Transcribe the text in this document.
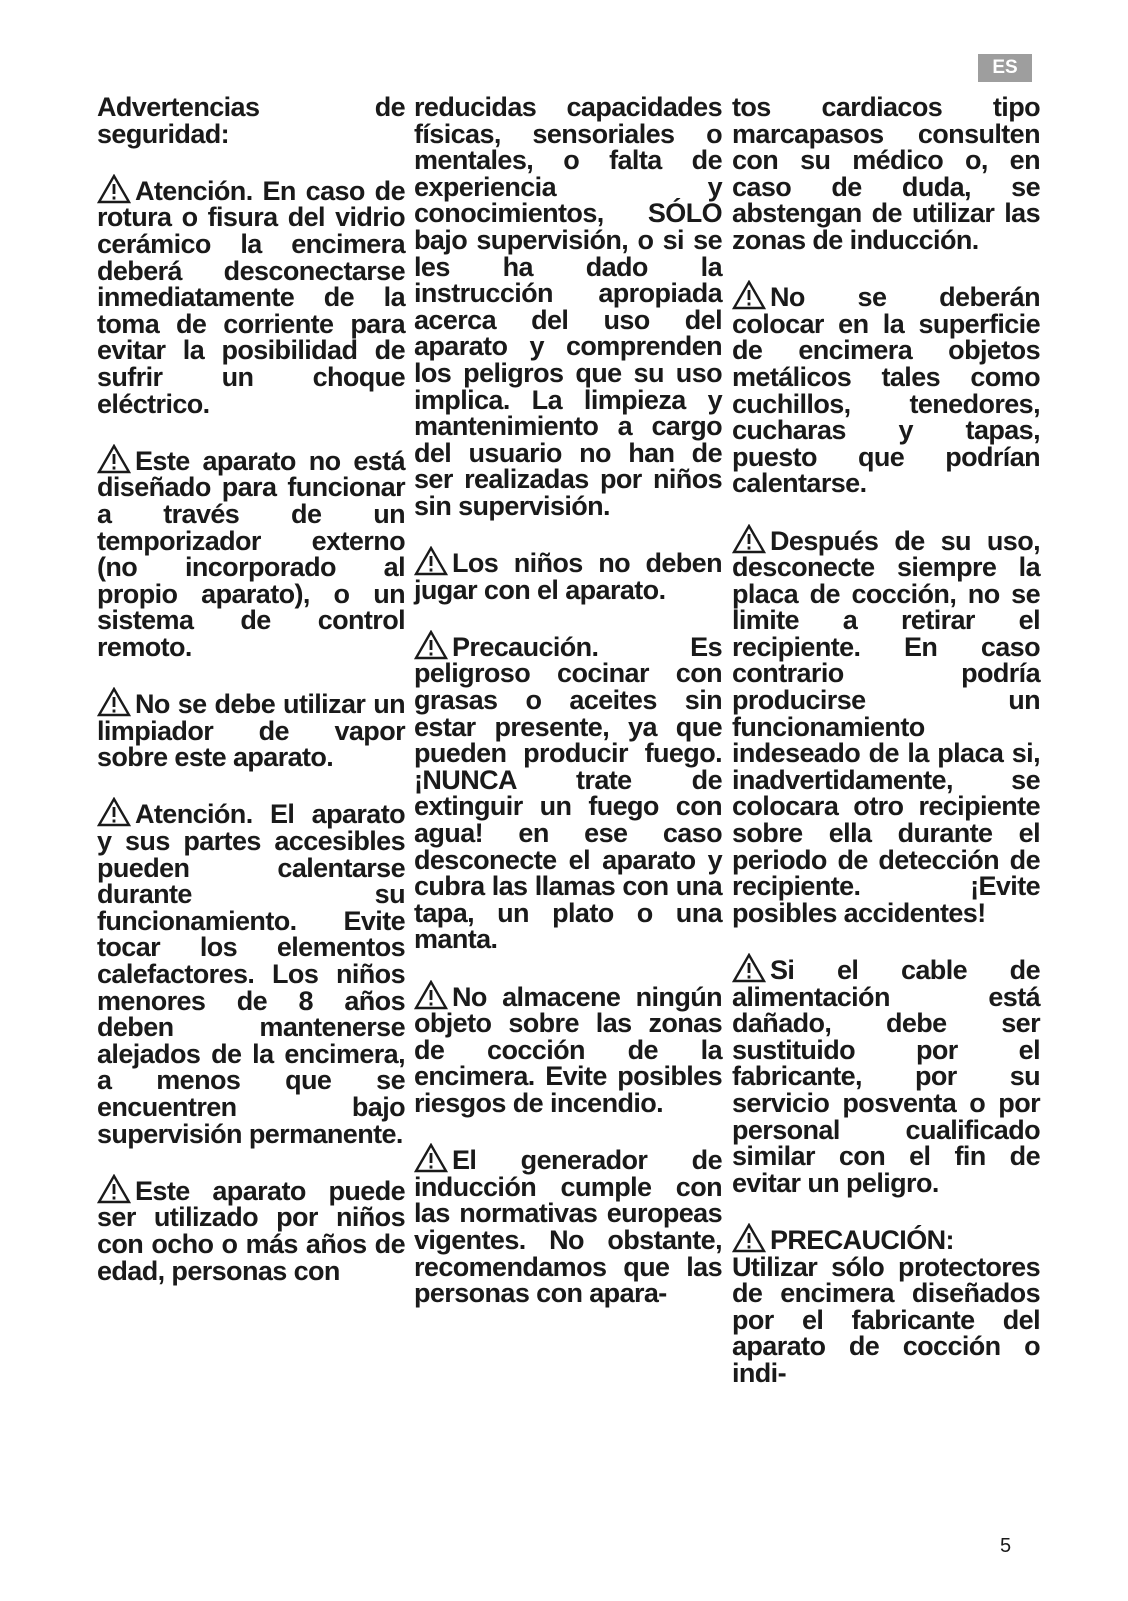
ES
Advertencias de seguridad:
Atención. En caso de rotura o fisura del vidrio cerámico la encimera deberá desconectarse inmediatamente de la toma de corriente para evitar la posibilidad de sufrir un choque eléctrico.
Este aparato no está diseñado para funcionar a través de un temporizador externo (no incorporado al propio aparato), o un sistema de control remoto.
No se debe utilizar un limpiador de vapor sobre este aparato.
Atención. El aparato y sus partes accesibles pueden calentarse durante su funcionamiento. Evite tocar los elementos calefactores. Los niños menores de 8 años deben mantenerse alejados de la encimera, a menos que se encuentren bajo supervisión permanente.
Este aparato puede ser utilizado por niños con ocho o más años de edad, personas con
reducidas capacidades físicas, sensoriales o mentales, o falta de experiencia y conocimientos, SÓLO bajo supervisión, o si se les ha dado la instrucción apropiada acerca del uso del aparato y comprenden los peligros que su uso implica. La limpieza y mantenimiento a cargo del usuario no han de ser realizadas por niños sin supervisión.
Los niños no deben jugar con el aparato.
Precaución. Es peligroso cocinar con grasas o aceites sin estar presente, ya que pueden producir fuego. ¡NUNCA trate de extinguir un fuego con agua! en ese caso desconecte el aparato y cubra las llamas con una tapa, un plato o una manta.
No almacene ningún objeto sobre las zonas de cocción de la encimera. Evite posibles riesgos de incendio.
El generador de inducción cumple con las normativas europeas vigentes. No obstante, recomendamos que las personas con apara-
tos cardiacos tipo marcapasos consulten con su médico o, en caso de duda, se abstengan de utilizar las zonas de inducción.
No se deberán colocar en la superficie de encimera objetos metálicos tales como cuchillos, tenedores, cucharas y tapas, puesto que podrían calentarse.
Después de su uso, desconecte siempre la placa de cocción, no se limite a retirar el recipiente. En caso contrario podría producirse un funcionamiento indeseado de la placa si, inadvertidamente, se colocara otro recipiente sobre ella durante el periodo de detección de recipiente. ¡Evite posibles accidentes!
Si el cable de alimentación está dañado, debe ser sustituido por el fabricante, por su servicio posventa o por personal cualificado similar con el fin de evitar un peligro.
PRECAUCIÓN: Utilizar sólo protectores de encimera diseñados por el fabricante del aparato de cocción o indi-
5
